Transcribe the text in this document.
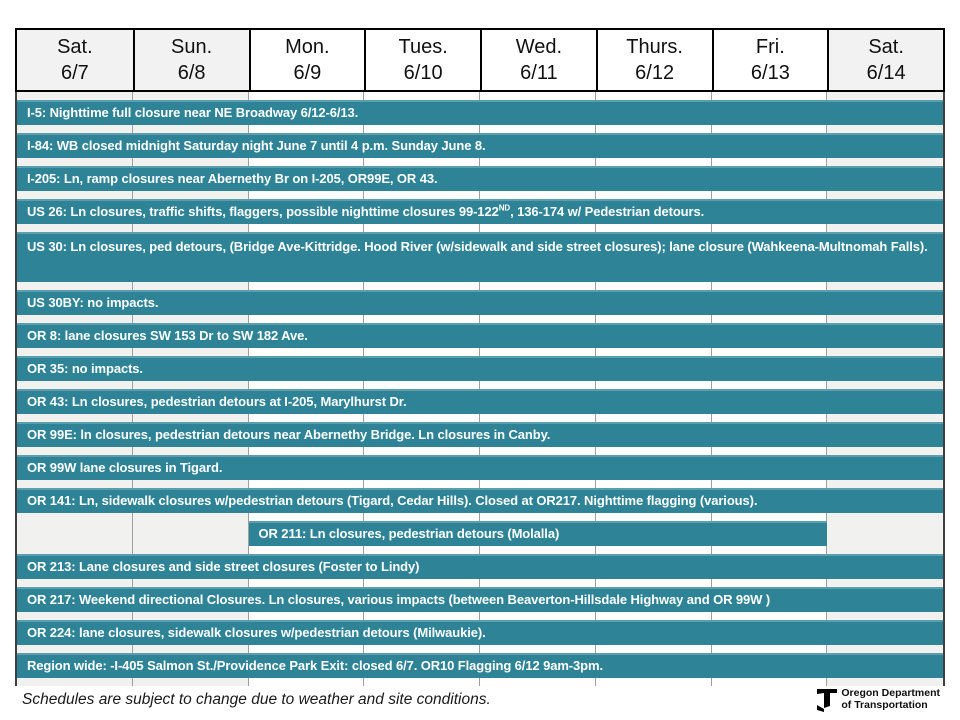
Sat.
6/7
Sun.
6/8
Mon.
6/9
Tues.
6/10
Wed.
6/11
Thurs.
6/12
Fri.
6/13
Sat.
6/14
I-5: Nighttime full closure near NE Broadway 6/12-6/13.
I-84: WB closed midnight Saturday night June 7 until 4 p.m. Sunday June 8.
I-205: Ln, ramp closures near Abernethy Br on I-205, OR99E, OR 43.
US 26: Ln closures, traffic shifts, flaggers, possible nighttime closures 99-122ND, 136-174 w/ Pedestrian detours.
US 30: Ln closures, ped detours, (Bridge Ave-Kittridge. Hood River (w/sidewalk and side street closures); lane closure (Wahkeena-Multnomah Falls).
US 30BY: no impacts.
OR 8: lane closures SW 153 Dr to SW 182 Ave.
OR 35: no impacts.
OR 43: Ln closures, pedestrian detours at I-205, Marylhurst Dr.
OR 99E: ln closures, pedestrian detours near Abernethy Bridge. Ln closures in Canby.
OR 99W lane closures in Tigard.
OR 141: Ln, sidewalk closures w/pedestrian detours (Tigard, Cedar Hills). Closed at OR217. Nighttime flagging (various).
OR 211: Ln closures, pedestrian detours (Molalla)
OR 213: Lane closures and side street closures (Foster to Lindy)
OR 217: Weekend directional Closures. Ln closures, various impacts (between Beaverton-Hillsdale Highway and OR 99W )
OR 224: lane closures, sidewalk closures w/pedestrian detours (Milwaukie).
Region wide: -I-405 Salmon St./Providence Park Exit: closed 6/7. OR10 Flagging 6/12 9am-3pm.
Schedules are subject to change due to weather and site conditions.	Oregon Department
of Transportation
